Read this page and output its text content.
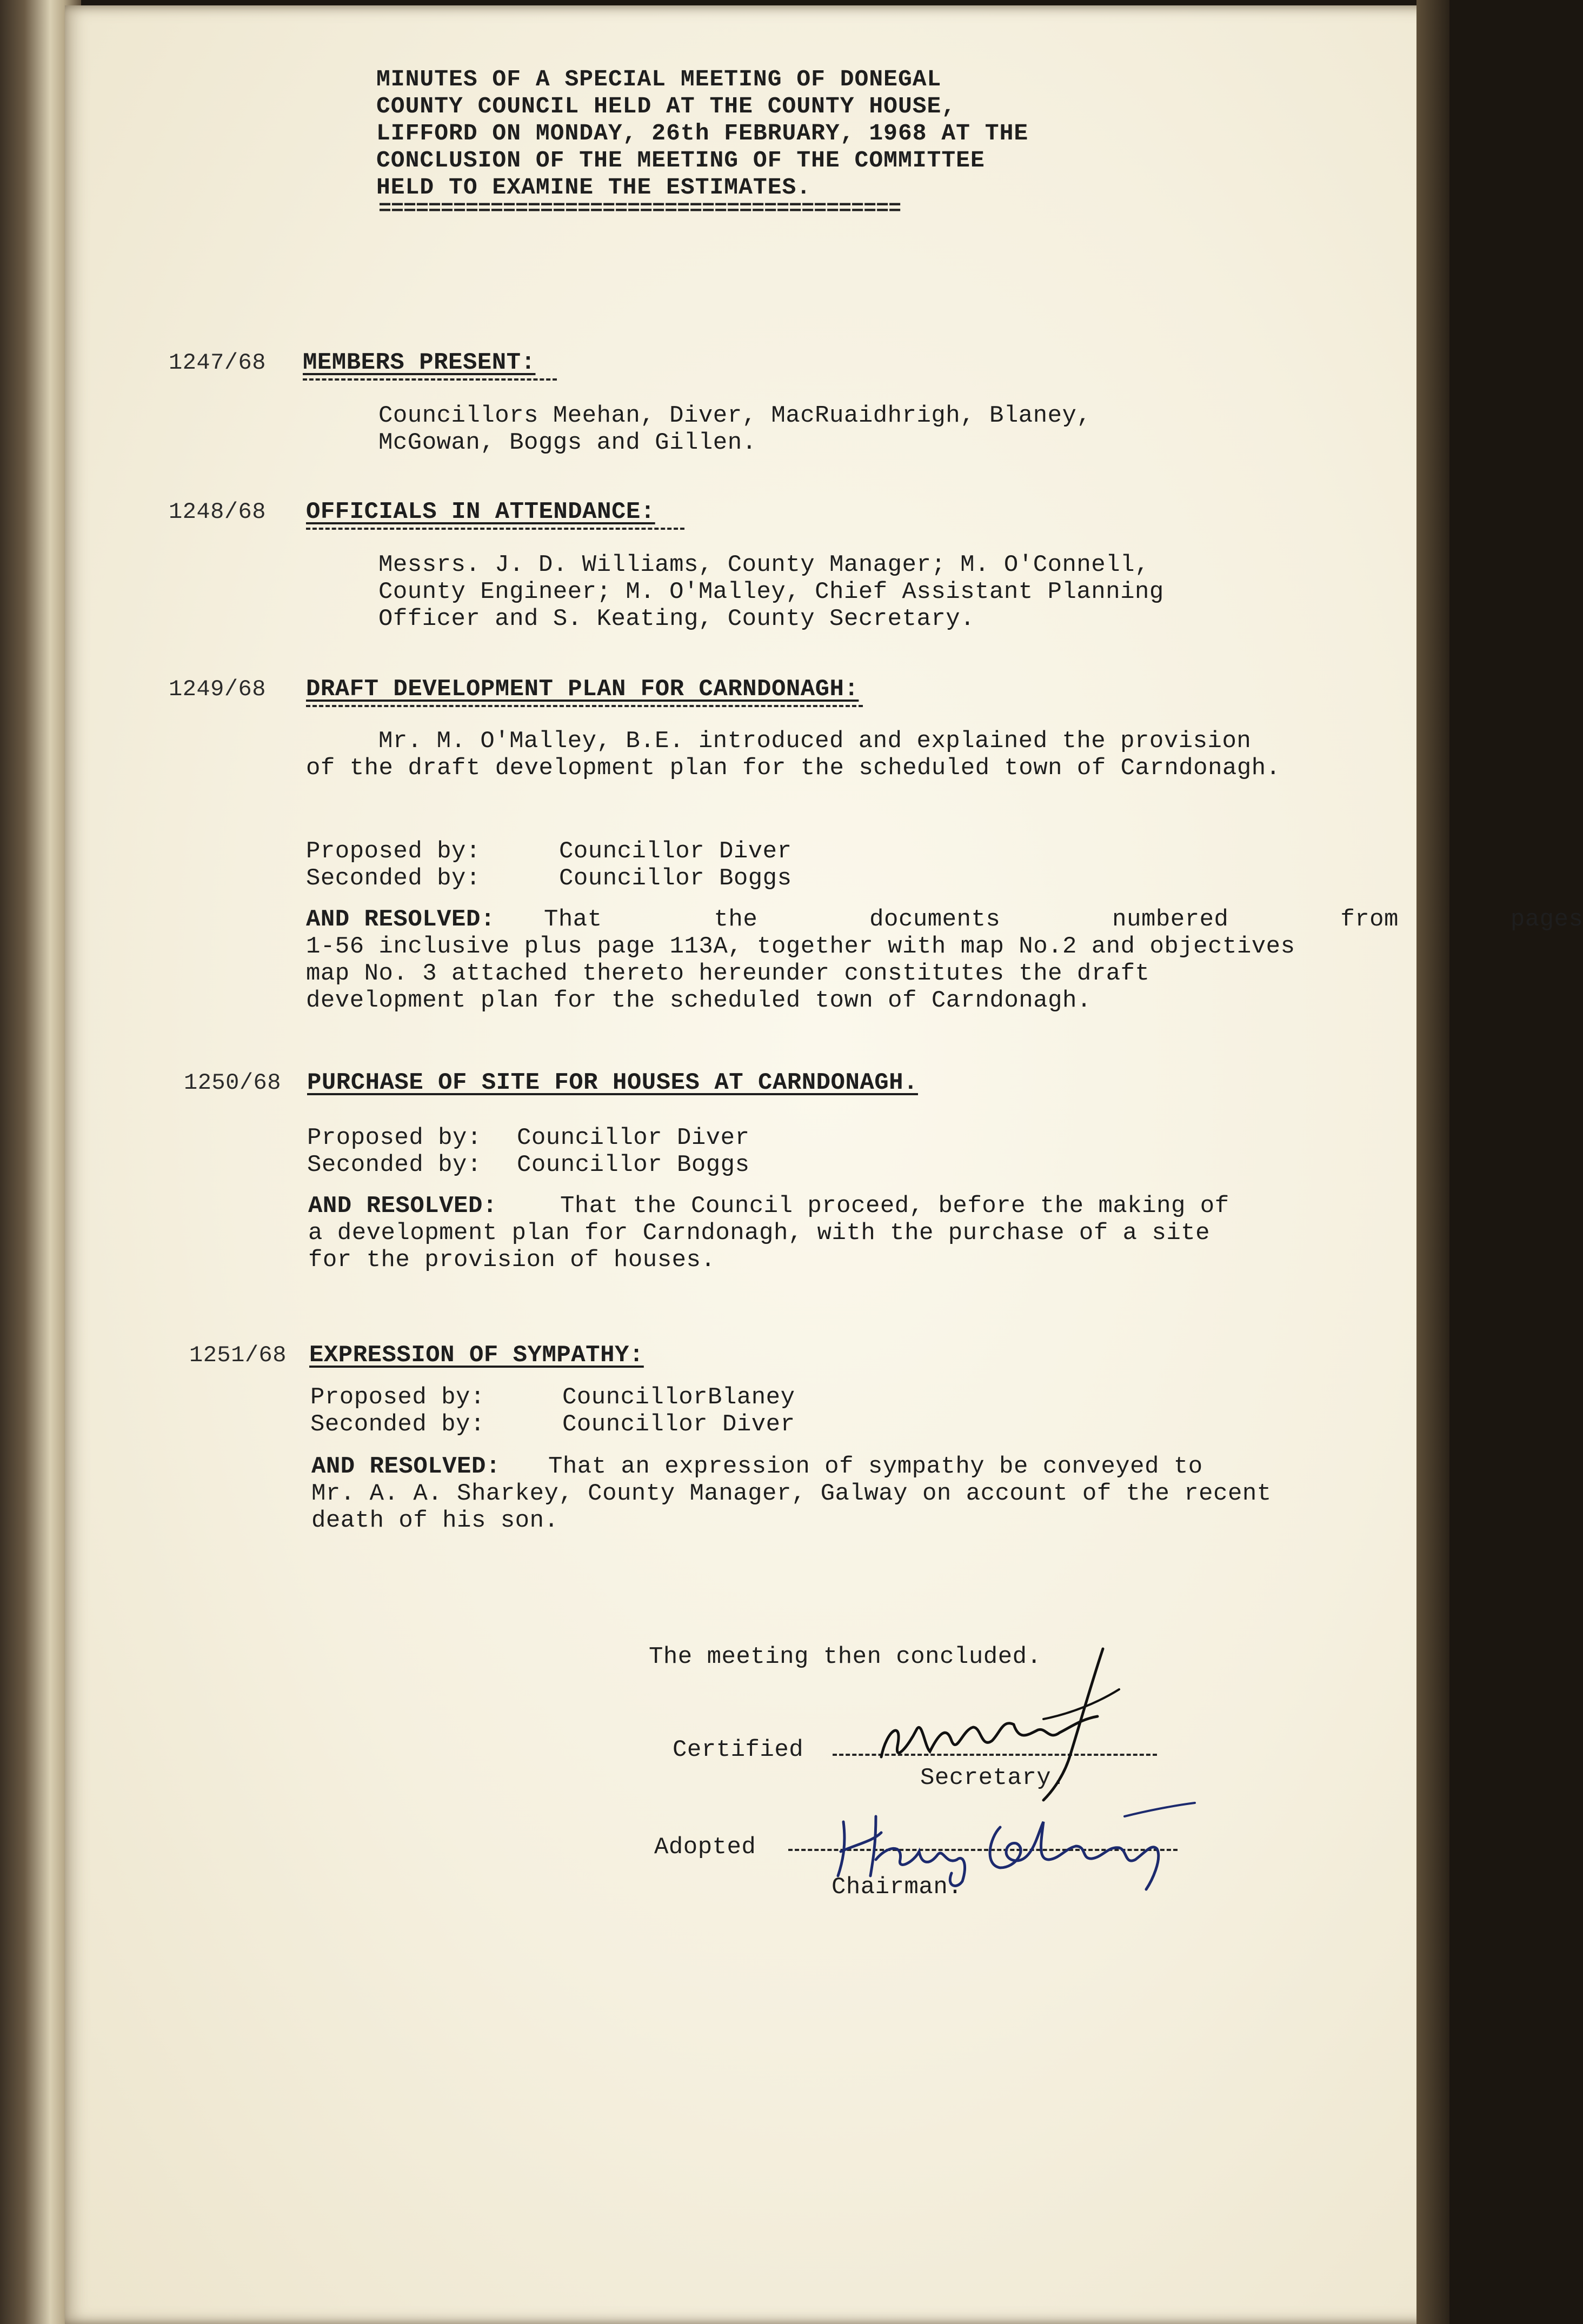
MINUTES OF A SPECIAL MEETING OF DONEGAL
COUNTY COUNCIL HELD AT THE COUNTY HOUSE,
LIFFORD ON MONDAY, 26th FEBRUARY, 1968 AT THE
CONCLUSION OF THE MEETING OF THE COMMITTEE
HELD TO EXAMINE THE ESTIMATES.
==========================================
1247/68 MEMBERS PRESENT:
Councillors Meehan, Diver, MacRuaidhrigh, Blaney,
McGowan, Boggs and Gillen.
1248/68 OFFICIALS IN ATTENDANCE:
Messrs. J. D. Williams, County Manager; M. O'Connell,
County Engineer; M. O'Malley, Chief Assistant Planning
Officer and S. Keating, County Secretary.
1249/68 DRAFT DEVELOPMENT PLAN FOR CARNDONAGH:
Mr. M. O'Malley, B.E. introduced and explained the provision
of the draft development plan for the scheduled town of Carndonagh.
Proposed by:	Councillor Diver
Seconded by:	Councillor Boggs
AND RESOLVED: That the documents numbered from pages
1-56 inclusive plus page 113A, together with map No.2 and objectives
map No. 3 attached thereto hereunder constitutes the draft
development plan for the scheduled town of Carndonagh.
1250/68 PURCHASE OF SITE FOR HOUSES AT CARNDONAGH.
Proposed by: Councillor Diver
Seconded by: Councillor Boggs
AND RESOLVED:	That the Council proceed, before the making of
a development plan for Carndonagh, with the purchase of a site
for the provision of houses.
1251/68 EXPRESSION OF SYMPATHY:
Proposed by:	CouncillorBlaney
Seconded by:	Councillor Diver
AND RESOLVED: That an expression of sympathy be conveyed to
Mr. A. A. Sharkey, County Manager, Galway on account of the recent
death of his son.
The meeting then concluded.
Certified
Secretary.
Adopted
Chairman.
